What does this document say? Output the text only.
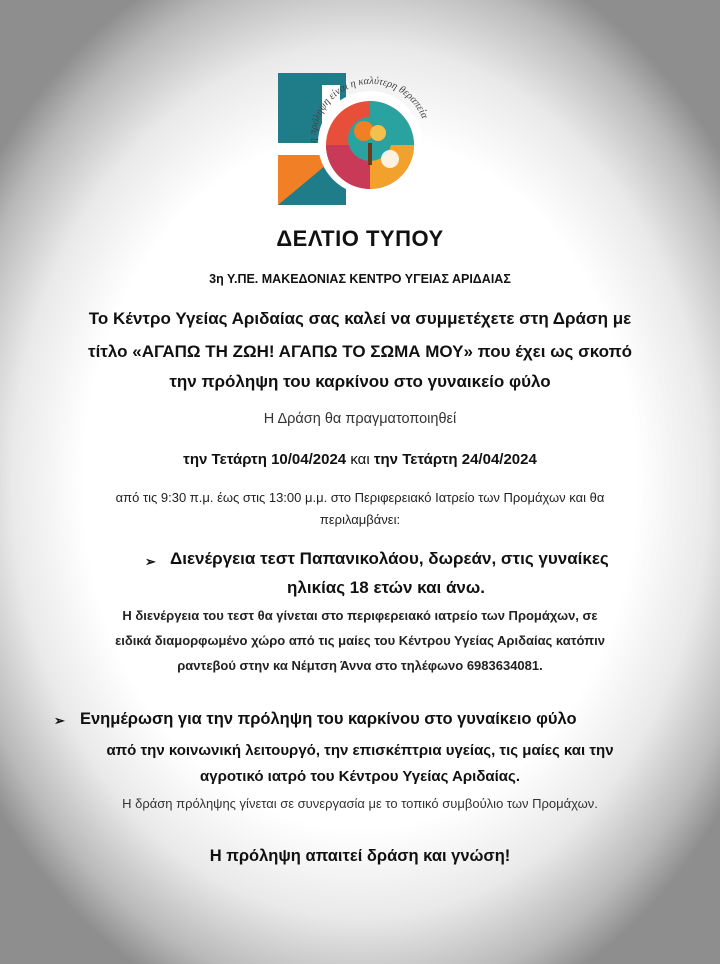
η πρόληψη είναι η καλύτερη θεραπεία
ΔΕΛΤΙΟ ΤΥΠΟΥ
3η Υ.ΠΕ. ΜΑΚΕΔΟΝΙΑΣ ΚΕΝΤΡΟ ΥΓΕΙΑΣ ΑΡΙΔΑΙΑΣ
Το Κέντρο Υγείας Αριδαίας σας καλεί να συμμετέχετε στη Δράση με
τίτλο «ΑΓΑΠΩ ΤΗ ΖΩΗ! ΑΓΑΠΩ ΤΟ ΣΩΜΑ ΜΟΥ» που έχει ως σκοπό
την πρόληψη του καρκίνου στο γυναικείο φύλο
Η Δράση θα πραγματοποιηθεί
την Τετάρτη 10/04/2024 και την Τετάρτη 24/04/2024
από τις 9:30 π.μ. έως στις 13:00 μ.μ. στο Περιφερειακό Ιατρείο των Προμάχων και θα
περιλαμβάνει:
➢ Διενέργεια τεστ Παπανικολάου, δωρεάν, στις γυναίκες
ηλικίας 18 ετών και άνω.
Η διενέργεια του τεστ θα γίνεται στο περιφερειακό ιατρείο των Προμάχων, σε
ειδικά διαμορφωμένο χώρο από τις μαίες του Κέντρου Υγείας Αριδαίας κατόπιν
ραντεβού στην κα Νέμτση Άννα στο τηλέφωνο 6983634081.
➢ Ενημέρωση για την πρόληψη του καρκίνου στο γυναίκειο φύλο
από την κοινωνική λειτουργό, την επισκέπτρια υγείας, τις μαίες και την
αγροτικό ιατρό του Κέντρου Υγείας Αριδαίας.
Η δράση πρόληψης γίνεται σε συνεργασία με το τοπικό συμβούλιο των Προμάχων.
Η πρόληψη απαιτεί δράση και γνώση!
